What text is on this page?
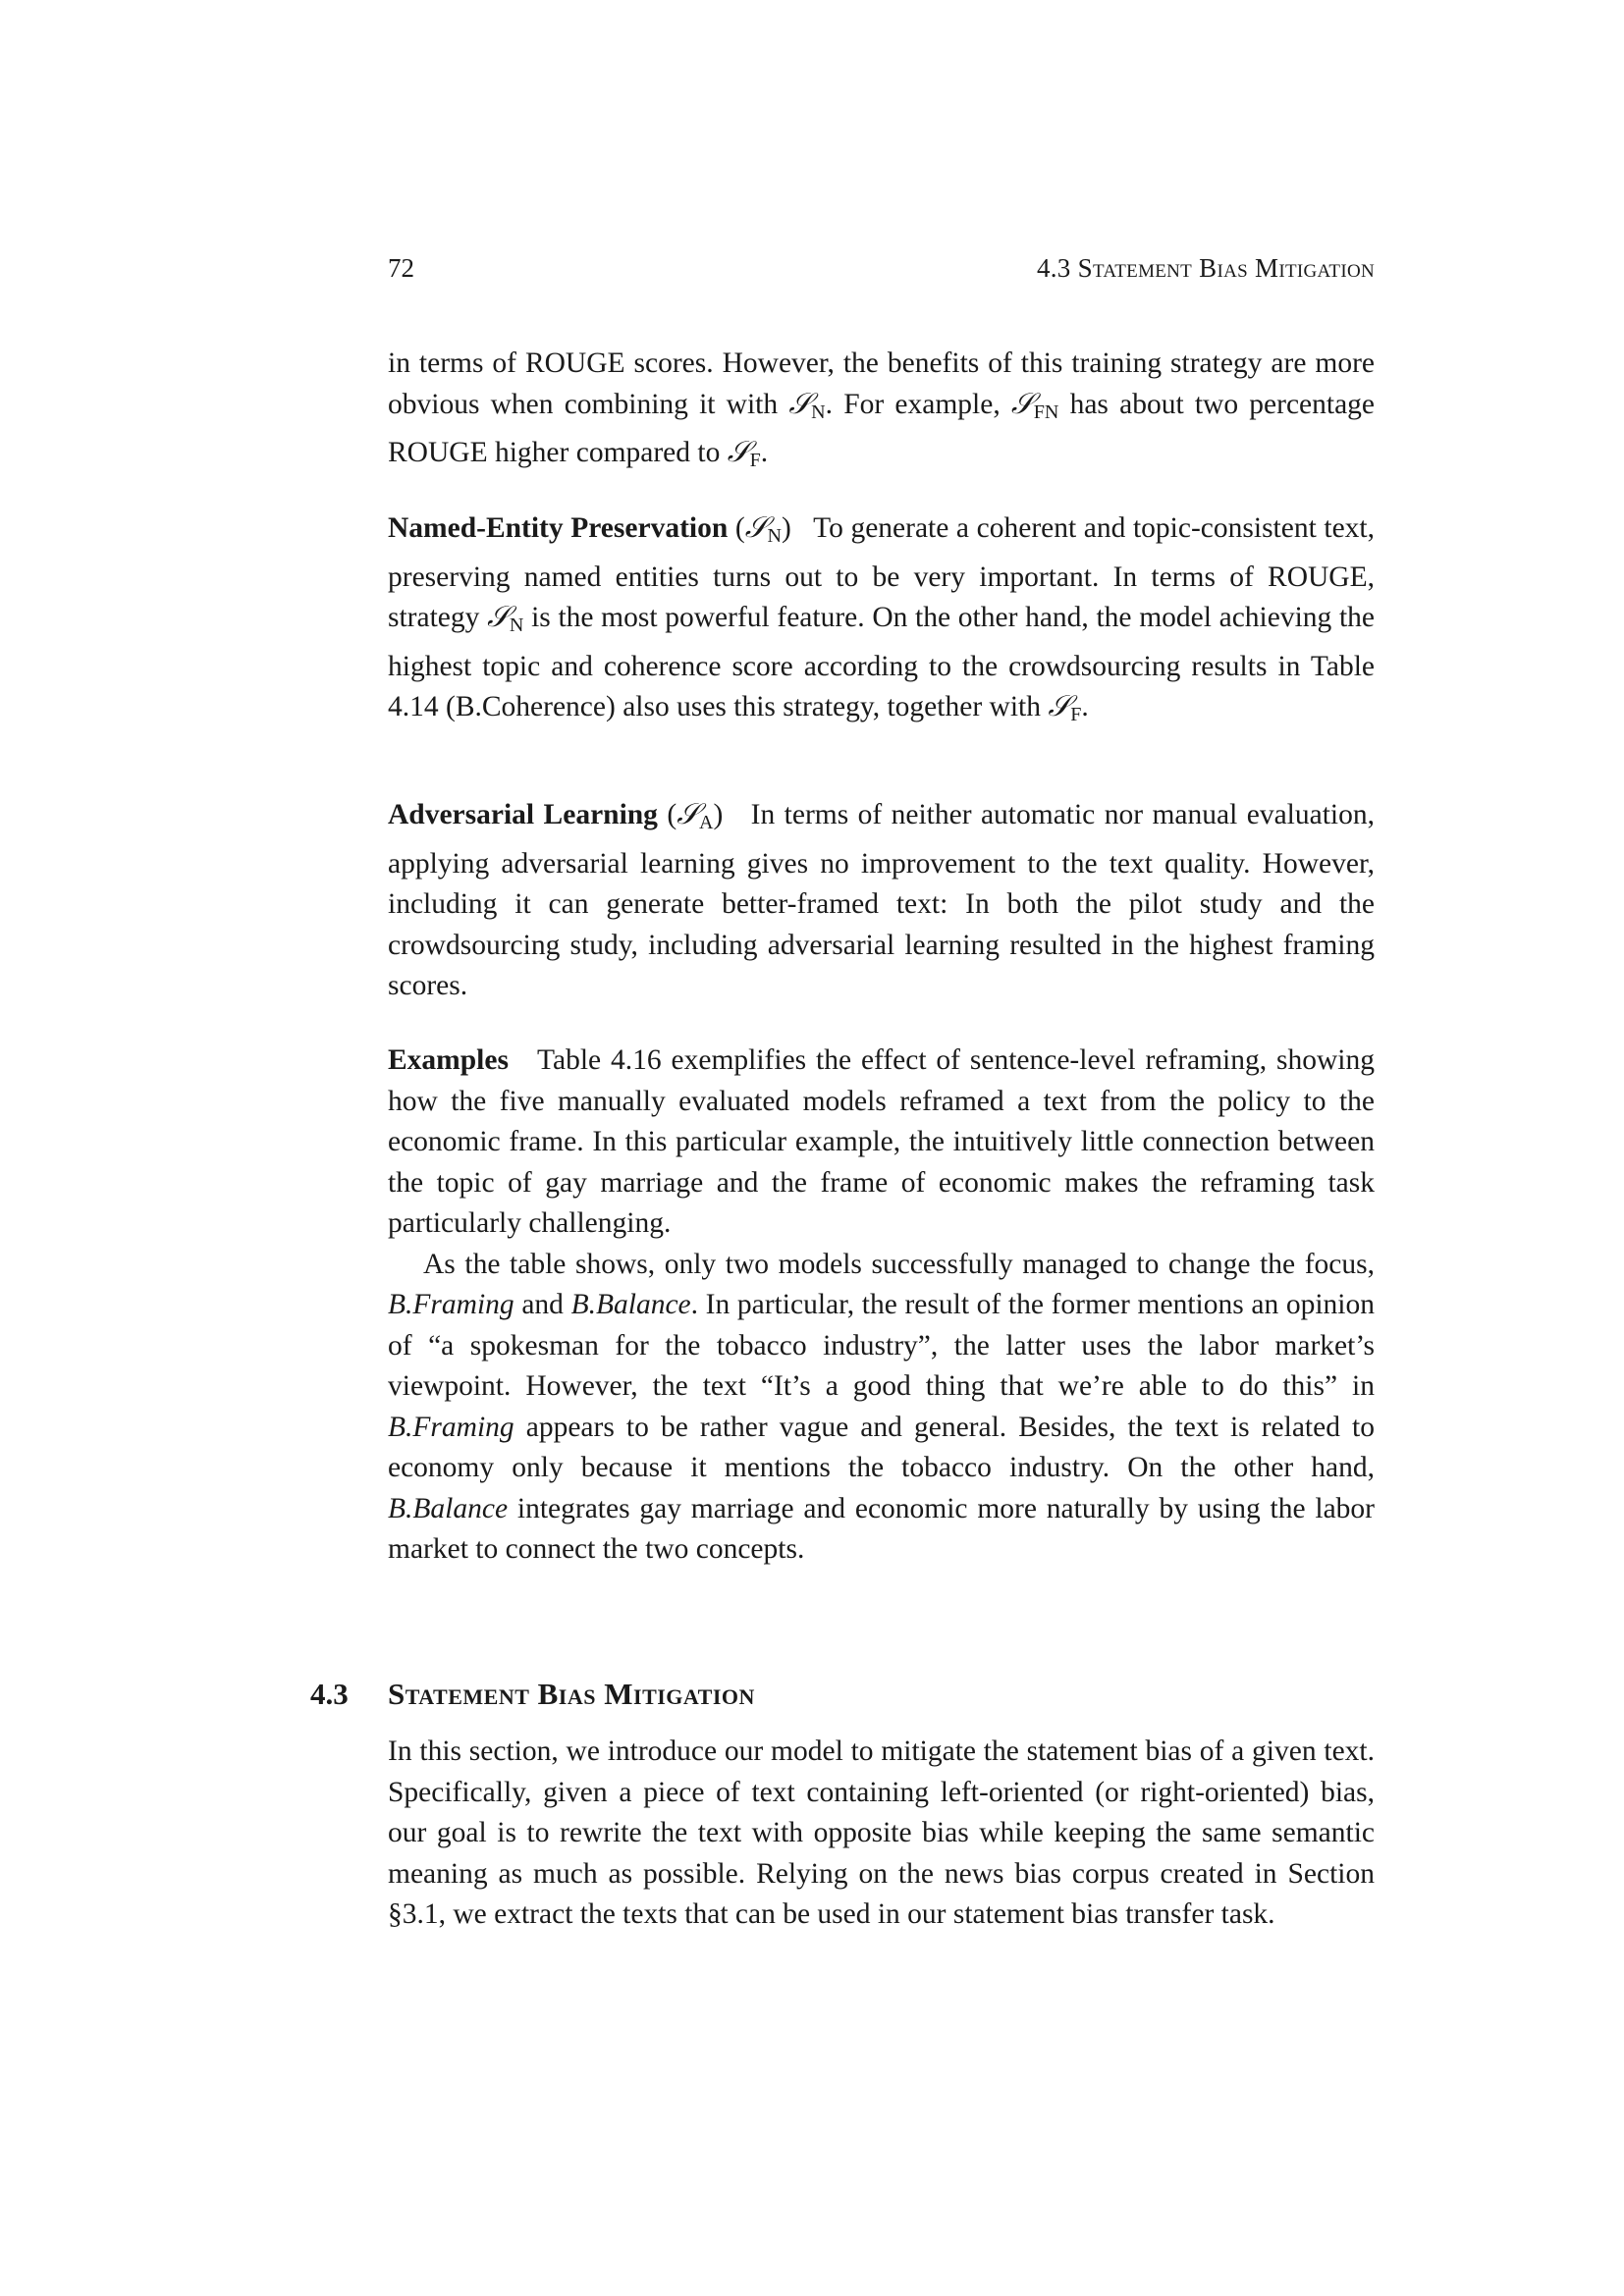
72	4.3 Statement Bias Mitigation

in terms of ROUGE scores. However, the benefits of this training strategy are more obvious when combining it with 𝒮$_N$. For example, 𝒮$_{FN}$ has about two percentage ROUGE higher compared to 𝒮$_F$.

Named-Entity Preservation (𝒮$_N$)   To generate a coherent and topic-consistent text, preserving named entities turns out to be very important. In terms of ROUGE, strategy 𝒮$_N$ is the most powerful feature. On the other hand, the model achieving the highest topic and coherence score according to the crowdsourcing results in Table 4.14 (B.Coherence) also uses this strategy, together with 𝒮$_F$.

Adversarial Learning (𝒮$_A$)   In terms of neither automatic nor manual evaluation, applying adversarial learning gives no improvement to the text quality. However, including it can generate better-framed text: In both the pilot study and the crowdsourcing study, including adversarial learning resulted in the highest framing scores.

Examples Table 4.16 exemplifies the effect of sentence-level reframing, showing how the five manually evaluated models reframed a text from the policy to the economic frame. In this particular example, the intuitively little connection between the topic of gay marriage and the frame of economic makes the reframing task particularly challenging.

As the table shows, only two models successfully managed to change the focus, B.Framing and B.Balance. In particular, the result of the former mentions an opinion of “a spokesman for the tobacco industry”, the latter uses the labor market’s viewpoint. However, the text “It’s a good thing that we’re able to do this” in B.Framing appears to be rather vague and general. Besides, the text is related to economy only because it mentions the tobacco industry. On the other hand, B.Balance integrates gay marriage and economic more naturally by using the labor market to connect the two concepts.

4.3 Statement Bias Mitigation

In this section, we introduce our model to mitigate the statement bias of a given text. Specifically, given a piece of text containing left-oriented (or right-oriented) bias, our goal is to rewrite the text with opposite bias while keeping the same semantic meaning as much as possible. Relying on the news bias corpus created in Section §3.1, we extract the texts that can be used in our statement bias transfer task.
